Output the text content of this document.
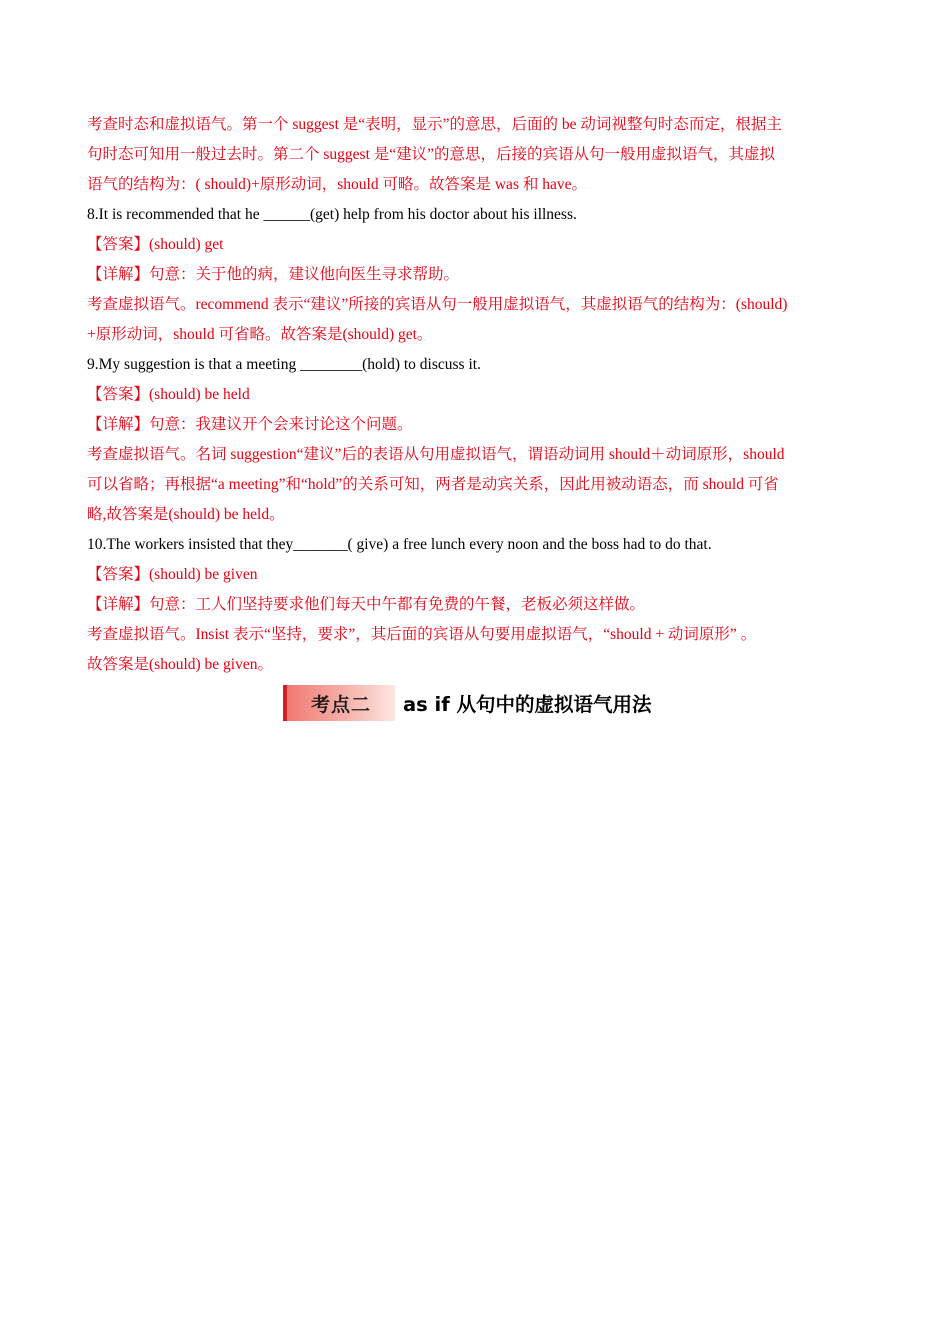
考查时态和虚拟语气。第一个 suggest 是“表明，显示”的意思，后面的 be 动词视整句时态而定，根据主
句时态可知用一般过去时。第二个 suggest 是“建议”的意思，后接的宾语从句一般用虚拟语气，其虚拟
语气的结构为：( should)+原形动词，should 可略。故答案是 was 和 have。
8.It is recommended that he ______(get) help from his doctor about his illness.
【答案】(should) get
【详解】句意：关于他的病，建议他向医生寻求帮助。
考查虚拟语气。recommend 表示“建议”所接的宾语从句一般用虚拟语气，其虚拟语气的结构为：(should)
+原形动词，should 可省略。故答案是(should) get。
9.My suggestion is that a meeting ________(hold) to discuss it.
【答案】(should) be held
【详解】句意：我建议开个会来讨论这个问题。
考查虚拟语气。名词 suggestion“建议”后的表语从句用虚拟语气，谓语动词用 should＋动词原形，should
可以省略；再根据“a meeting”和“hold”的关系可知，两者是动宾关系，因此用被动语态，而 should 可省
略,故答案是(should) be held。
10.The workers insisted that they_______( give) a free lunch every noon and the boss had to do that.
【答案】(should) be given
【详解】句意：工人们坚持要求他们每天中午都有免费的午餐，老板必须这样做。
考查虚拟语气。Insist 表示“坚持，要求”，其后面的宾语从句要用虚拟语气，“should + 动词原形” 。
故答案是(should) be given。
考点二	as if 从句中的虚拟语气用法
